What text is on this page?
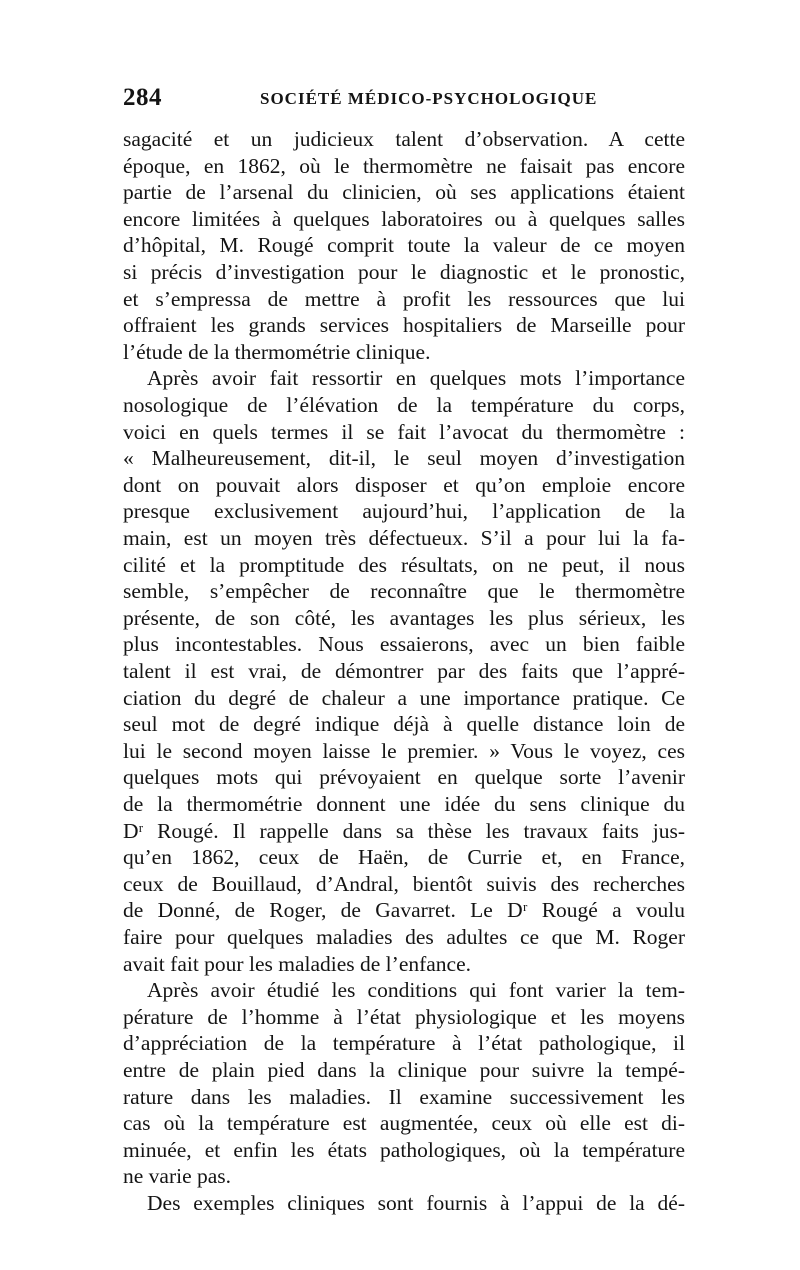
284	SOCIÉTÉ MÉDICO-PSYCHOLOGIQUE
sagacité et un judicieux talent d’observation. A cette
époque, en 1862, où le thermomètre ne faisait pas encore
partie de l’arsenal du clinicien, où ses applications étaient
encore limitées à quelques laboratoires ou à quelques salles
d’hôpital, M. Rougé comprit toute la valeur de ce moyen
si précis d’investigation pour le diagnostic et le pronostic,
et s’empressa de mettre à profit les ressources que lui
offraient les grands services hospitaliers de Marseille pour
l’étude de la thermométrie clinique.
Après avoir fait ressortir en quelques mots l’importance
nosologique de l’élévation de la température du corps,
voici en quels termes il se fait l’avocat du thermomètre :
« Malheureusement, dit-il, le seul moyen d’investigation
dont on pouvait alors disposer et qu’on emploie encore
presque exclusivement aujourd’hui, l’application de la
main, est un moyen très défectueux. S’il a pour lui la fa-
cilité et la promptitude des résultats, on ne peut, il nous
semble, s’empêcher de reconnaître que le thermomètre
présente, de son côté, les avantages les plus sérieux, les
plus incontestables. Nous essaierons, avec un bien faible
talent il est vrai, de démontrer par des faits que l’appré-
ciation du degré de chaleur a une importance pratique. Ce
seul mot de degré indique déjà à quelle distance loin de
lui le second moyen laisse le premier. » Vous le voyez, ces
quelques mots qui prévoyaient en quelque sorte l’avenir
de la thermométrie donnent une idée du sens clinique du
Dʳ Rougé. Il rappelle dans sa thèse les travaux faits jus-
qu’en 1862, ceux de Haën, de Currie et, en France,
ceux de Bouillaud, d’Andral, bientôt suivis des recherches
de Donné, de Roger, de Gavarret. Le Dʳ Rougé a voulu
faire pour quelques maladies des adultes ce que M. Roger
avait fait pour les maladies de l’enfance.
Après avoir étudié les conditions qui font varier la tem-
pérature de l’homme à l’état physiologique et les moyens
d’appréciation de la température à l’état pathologique, il
entre de plain pied dans la clinique pour suivre la tempé-
rature dans les maladies. Il examine successivement les
cas où la température est augmentée, ceux où elle est di-
minuée, et enfin les états pathologiques, où la température
ne varie pas.
Des exemples cliniques sont fournis à l’appui de la dé-
